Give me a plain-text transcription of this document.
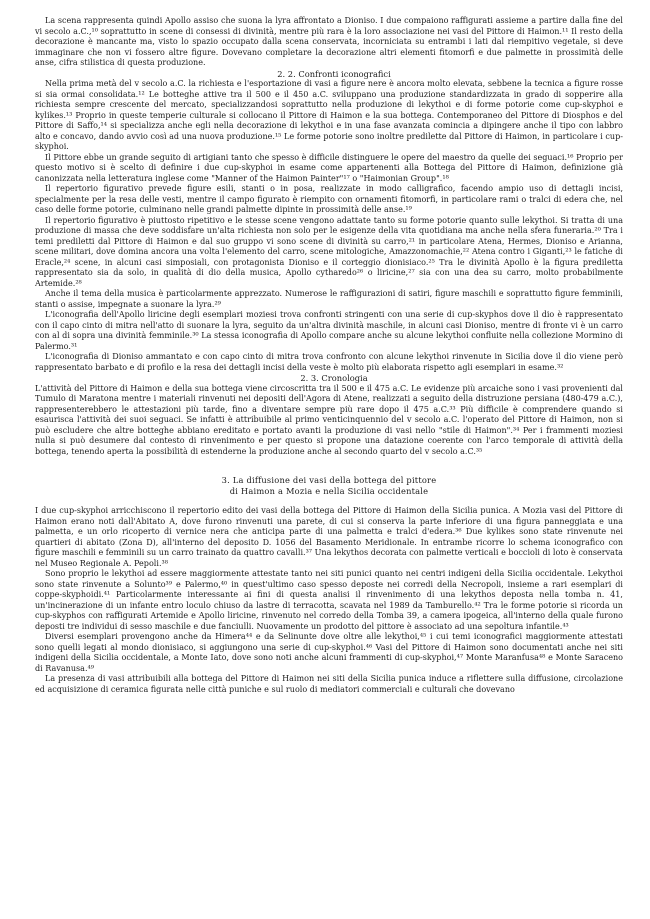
La scena rappresenta quindi Apollo assiso che suona la lyra affrontato a Dioniso. I due compaiono raffigurati assieme a partire dalla fine del vi secolo a.C.,¹⁰ soprattutto in scene di consessi di divinità, mentre più rara è la loro associazione nei vasi del Pittore di Haimon.¹¹ Il resto della decorazione è mancante ma, visto lo spazio occupato dalla scena conservata, incorniciata su entrambi i lati dal riempitivo vegetale, si deve immaginare che non vi fossero altre figure. Dovevano completare la decorazione altri elementi fitomorfi e due palmette in prossimità delle anse, cifra stilistica di questa produzione.

2. 2. Confronti iconografici

Nella prima metà del v secolo a.C. la richiesta e l'esportazione di vasi a figure nere è ancora molto elevata, sebbene la tecnica a figure rosse si sia ormai consolidata.¹² Le botteghe attive tra il 500 e il 450 a.C. sviluppano una produzione standardizzata in grado di sopperire alla richiesta sempre crescente del mercato, specializzandosi soprattutto nella produzione di lekythoi e di forme potorie come cup-skyphoi e kylikes.¹³ Proprio in queste temperie culturale si collocano il Pittore di Haimon e la sua bottega. Contemporaneo del Pittore di Diosphos e del Pittore di Saffo,¹⁴ si specializza anche egli nella decorazione di lekythoi e in una fase avanzata comincia a dipingere anche il tipo con labbro alto e concavo, dando avvio così ad una nuova produzione.¹⁵ Le forme potorie sono inoltre predilette dal Pittore di Haimon, in particolare i cup-skyphoi.

Il Pittore ebbe un grande seguito di artigiani tanto che spesso è difficile distinguere le opere del maestro da quelle dei seguaci.¹⁶ Proprio per questo motivo si è scelto di definire i due cup-skyphoi in esame come appartenenti alla Bottega del Pittore di Haimon, definizione già canonizzata nella letteratura inglese come "Manner of the Haimon Painter"¹⁷ o "Haimonian Group".¹⁸

Il repertorio figurativo prevede figure esili, stanti o in posa, realizzate in modo calligrafico, facendo ampio uso di dettagli incisi, specialmente per la resa delle vesti, mentre il campo figurato è riempito con ornamenti fitomorfi, in particolare rami o tralci di edera che, nel caso delle forme potorie, culminano nelle grandi palmette dipinte in prossimità delle anse.¹⁹

Il repertorio figurativo è piuttosto ripetitivo e le stesse scene vengono adattate tanto su forme potorie quanto sulle lekythoi. Si tratta di una produzione di massa che deve soddisfare un'alta richiesta non solo per le esigenze della vita quotidiana ma anche nella sfera funeraria.²⁰ Tra i temi prediletti dal Pittore di Haimon e dal suo gruppo vi sono scene di divinità su carro,²¹ in particolare Atena, Hermes, Dioniso e Arianna, scene militari, dove domina ancora una volta l'elemento del carro, scene mitologiche, Amazzonomachie,²² Atena contro i Giganti,²³ le fatiche di Eracle,²⁴ scene, in alcuni casi simposiali, con protagonista Dioniso e il corteggio dionisiaco.²⁵ Tra le divinità Apollo è la figura prediletta rappresentato sia da solo, in qualità di dio della musica, Apollo cytharedo²⁶ o liricine,²⁷ sia con una dea su carro, molto probabilmente Artemide.²⁸

Anche il tema della musica è particolarmente apprezzato. Numerose le raffigurazioni di satiri, figure maschili e soprattutto figure femminili, stanti o assise, impegnate a suonare la lyra.²⁹

L'iconografia dell'Apollo liricine degli esemplari moziesi trova confronti stringenti con una serie di cup-skyphos dove il dio è rappresentato con il capo cinto di mitra nell'atto di suonare la lyra, seguito da un'altra divinità maschile, in alcuni casi Dioniso, mentre di fronte vi è un carro con al di sopra una divinità femminile.³⁰ La stessa iconografia di Apollo compare anche su alcune lekythoi confluite nella collezione Mormino di Palermo.³¹

L'iconografia di Dioniso ammantato e con capo cinto di mitra trova confronto con alcune lekythoi rinvenute in Sicilia dove il dio viene però rappresentato barbato e di profilo e la resa dei dettagli incisi della veste è molto più elaborata rispetto agli esemplari in esame.³²

2. 3. Cronologia

L'attività del Pittore di Haimon e della sua bottega viene circoscritta tra il 500 e il 475 a.C. Le evidenze più arcaiche sono i vasi provenienti dal Tumulo di Maratona mentre i materiali rinvenuti nei depositi dell'Agora di Atene, realizzati a seguito della distruzione persiana (480-479 a.C.), rappresenterebbero le attestazioni più tarde, fino a diventare sempre più rare dopo il 475 a.C.³³ Più difficile è comprendere quando si esaurisca l'attività dei suoi seguaci. Se infatti è attribuibile al primo venticinquennio del v secolo a.C. l'operato del Pittore di Haimon, non si può escludere che altre botteghe abbiano ereditato e portato avanti la produzione di vasi nello "stile di Haimon".³⁴ Per i frammenti moziesi nulla si può desumere dal contesto di rinvenimento e per questo si propone una datazione coerente con l'arco temporale di attività della bottega, tenendo aperta la possibilità di estenderne la produzione anche al secondo quarto del v secolo a.C.³⁵

3. La diffusione dei vasi della bottega del pittore
di Haimon a Mozia e nella Sicilia occidentale

I due cup-skyphoi arricchiscono il repertorio edito dei vasi della bottega del Pittore di Haimon della Sicilia punica. A Mozia vasi del Pittore di Haimon erano noti dall'Abitato A, dove furono rinvenuti una parete, di cui si conserva la parte inferiore di una figura panneggiata e una palmetta, e un orlo ricoperto di vernice nera che anticipa parte di una palmetta e tralci d'edera.³⁶ Due kylikes sono state rinvenute nei quartieri di abitato (Zona D), all'interno del deposito D. 1056 del Basamento Meridionale. In entrambe ricorre lo schema iconografico con figure maschili e femminili su un carro trainato da quattro cavalli.³⁷ Una lekythos decorata con palmette verticali e boccioli di loto è conservata nel Museo Regionale A. Pepoli.³⁸

Sono proprio le lekythoi ad essere maggiormente attestate tanto nei siti punici quanto nei centri indigeni della Sicilia occidentale. Lekythoi sono state rinvenute a Soluntо³⁹ e Palermo,⁴⁰ in quest'ultimo caso spesso deposte nei corredi della Necropoli, insieme a rari esemplari di coppe-skyphoidi.⁴¹ Particolarmente interessante ai fini di questa analisi il rinvenimento di una lekythos deposta nella tomba n. 41, un'incinerazione di un infante entro loculo chiuso da lastre di terracotta, scavata nel 1989 da Tamburello.⁴² Tra le forme potorie si ricorda un cup-skyphos con raffigurati Artemide e Apollo liricine, rinvenuto nel corredo della Tomba 39, a camera ipogeica, all'interno della quale furono deposti tre individui di sesso maschile e due fanciulli. Nuovamente un prodotto del pittore è associato ad una sepoltura infantile.⁴³

Diversi esemplari provengono anche da Himera⁴⁴ e da Selinunte dove oltre alle lekythoi,⁴⁵ i cui temi iconografici maggiormente attestati sono quelli legati al mondo dionisiaco, si aggiungono una serie di cup-skyphoi.⁴⁶ Vasi del Pittore di Haimon sono documentati anche nei siti indigeni della Sicilia occidentale, a Monte Iato, dove sono noti anche alcuni frammenti di cup-skyphoi,⁴⁷ Monte Maranfusa⁴⁸ e Monte Saraceno di Ravanusa.⁴⁹

La presenza di vasi attribuibili alla bottega del Pittore di Haimon nei siti della Sicilia punica induce a riflettere sulla diffusione, circolazione ed acquisizione di ceramica figurata nelle città puniche e sul ruolo di mediatori commerciali e culturali che dovevano
